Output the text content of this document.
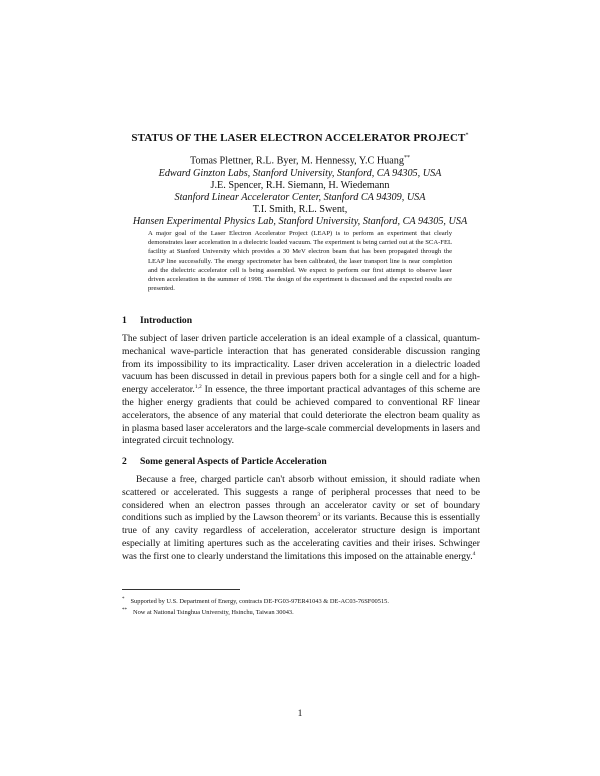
STATUS OF THE LASER ELECTRON ACCELERATOR PROJECT*
Tomas Plettner, R.L. Byer, M. Hennessy, Y.C Huang**
Edward Ginzton Labs, Stanford University, Stanford, CA 94305, USA
J.E. Spencer, R.H. Siemann, H. Wiedemann
Stanford Linear Accelerator Center, Stanford CA 94309, USA
T.I. Smith, R.L. Swent,
Hansen Experimental Physics Lab, Stanford University, Stanford, CA 94305, USA
A major goal of the Laser Electron Accelerator Project (LEAP) is to perform an experiment that clearly demonstrates laser acceleration in a dielectric loaded vacuum. The experiment is being carried out at the SCA-FEL facility at Stanford University which provides a 30 MeV electron beam that has been propagated through the LEAP line successfully. The energy spectrometer has been calibrated, the laser transport line is near completion and the dielectric accelerator cell is being assembled. We expect to perform our first attempt to observe laser driven acceleration in the summer of 1998. The design of the experiment is discussed and the expected results are presented.
1 Introduction
The subject of laser driven particle acceleration is an ideal example of a classical, quantum-mechanical wave-particle interaction that has generated considerable discussion ranging from its impossibility to its impracticality. Laser driven acceleration in a dielectric loaded vacuum has been discussed in detail in previous papers both for a single cell and for a high-energy accelerator.$^{1,2}$ In essence, the three important practical advantages of this scheme are the higher energy gradients that could be achieved compared to conventional RF linear accelerators, the absence of any material that could deteriorate the electron beam quality as in plasma based laser accelerators and the large-scale commercial developments in lasers and integrated circuit technology.
2 Some general Aspects of Particle Acceleration
Because a free, charged particle can't absorb without emission, it should radiate when scattered or accelerated. This suggests a range of peripheral processes that need to be considered when an electron passes through an accelerator cavity or set of boundary conditions such as implied by the Lawson theorem$^3$ or its variants. Because this is essentially true of any cavity regardless of acceleration, accelerator structure design is important especially at limiting apertures such as the accelerating cavities and their irises. Schwinger was the first one to clearly understand the limitations this imposed on the attainable energy.$^4$
* Supported by U.S. Department of Energy, contracts DE-FG03-97ER41043 & DE-AC03-76SF00515.
** Now at National Tsinghua University, Hsinchu, Taiwan 30043.
1
